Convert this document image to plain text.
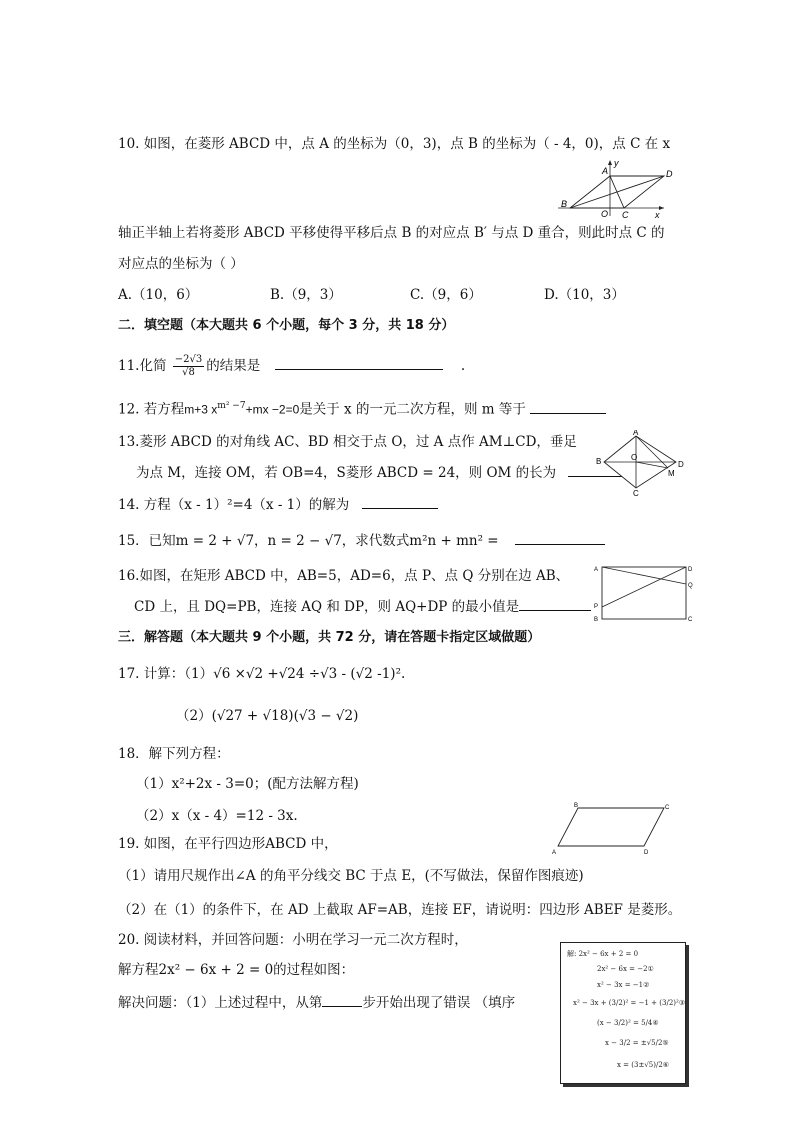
10. 如图，在菱形 ABCD 中，点 A 的坐标为（0，3)，点 B 的坐标为（ - 4，0)，点 C 在 x
A
B
C
D
O	x
y
轴正半轴上若将菱形 ABCD 平移使得平移后点 B 的对应点 B′ 与点 D 重合，则此时点 C 的
对应点的坐标为（ ）
A.（10，6）	B.（9，3）	C.（9，6）	D.（10，3）
二．填空题（本大题共 6 个小题，每个 3 分，共 18 分）
11.化简 $\frac{-2√3}{√8}$ 的结果是	.
12. 若方程m+3 $x^{m^2 -7}+mx -2=0$是关于 x 的一元二次方程，则 m 等于
13.菱形 ABCD 的对角线 AC、BD 相交于点 O，过 A 点作 AM⊥CD，垂足
为点 M，连接 OM，若 OB=4，S菱形 ABCD = 24，则 OM 的长为
A
B
C
D
O
M
14. 方程（x - 1）²=4（x - 1）的解为
15．已知m = 2 + √7，n = 2 − √7，求代数式m²n + mn² =
16.如图，在矩形 ABCD 中，AB=5，AD=6，点 P、点 Q 分别在边 AB、
CD 上，且 DQ=PB，连接 AQ 和 DP，则 AQ+DP 的最小值是
A
B	C
D
P
Q
三．解答题（本大题共 9 个小题，共 72 分，请在答题卡指定区域做题）
17. 计算：（1）√6 ×√2 +√24 ÷√3 - (√2 -1)².
（2）(√27 + √18)(√3 − √2)
18．解下列方程：
（1）x²+2x - 3=0；(配方法解方程)
（2）x（x - 4）=12 - 3x.
19. 如图，在平行四边形ABCD 中，
B	C
A	D
（1）请用尺规作出∠A 的角平分线交 BC 于点 E，(不写做法，保留作图痕迹)
（2）在（1）的条件下，在 AD 上截取 AF=AB，连接 EF，请说明：四边形 ABEF 是菱形。
20. 阅读材料，并回答问题：小明在学习一元二次方程时，
解方程2x² − 6x + 2 = 0的过程如图：
解决问题：（1）上述过程中，从第	步开始出现了错误 （填序
解: 2x² − 6x + 2 = 0
2x² − 6x = −2①
x² − 3x = −1②
x² − 3x + (3/2)² = −1 + (3/2)²③
(x − 3/2)² = 5/4④
x − 3/2 = ±√5/2⑤
x = (3±√5)/2⑥
